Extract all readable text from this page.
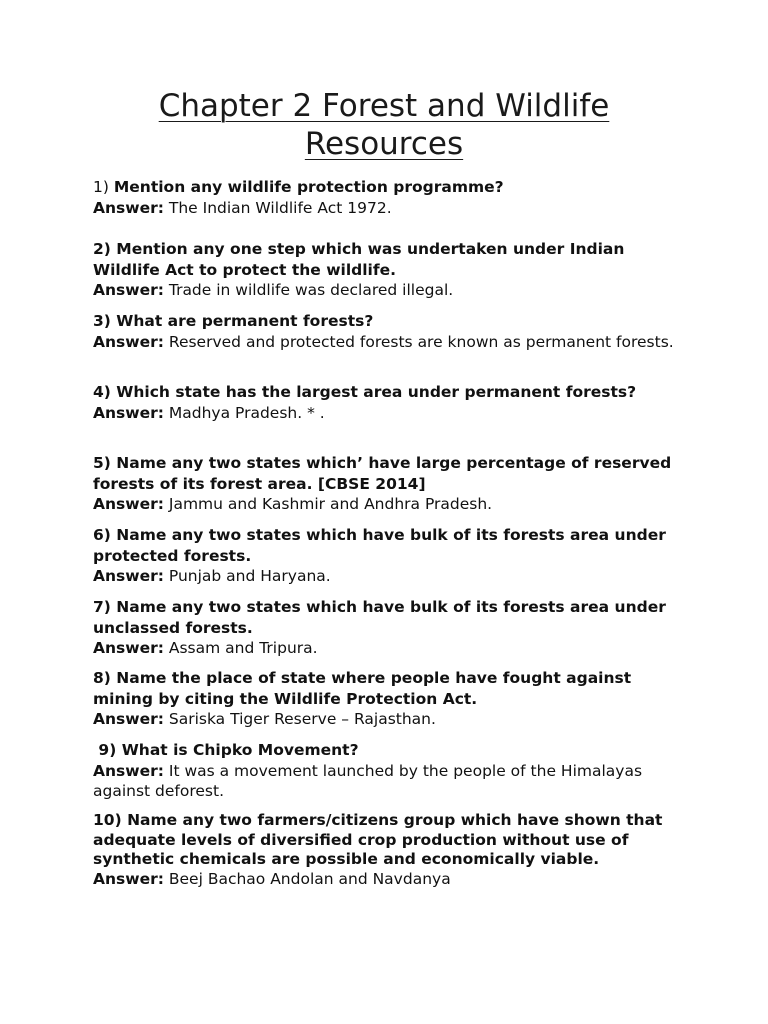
Chapter 2 Forest and Wildlife
Resources

1) Mention any wildlife protection programme?

Answer: The Indian Wildlife Act 1972.

2) Mention any one step which was undertaken under Indian Wildlife Act to protect the wildlife.

Answer: Trade in wildlife was declared illegal.

3) What are permanent forests?

Answer: Reserved and protected forests are known as permanent forests.

4) Which state has the largest area under permanent forests?

Answer: Madhya Pradesh. * .

5) Name any two states which’ have large percentage of reserved forests of its forest area. [CBSE 2014]

Answer: Jammu and Kashmir and Andhra Pradesh.

6) Name any two states which have bulk of its forests area under protected forests.

Answer: Punjab and Haryana.

7) Name any two states which have bulk of its forests area under unclassed forests.

Answer: Assam and Tripura.

8) Name the place of state where people have fought against mining by citing the Wildlife Protection Act.

Answer: Sariska Tiger Reserve – Rajasthan.

9) What is Chipko Movement?

Answer: It was a movement launched by the people of the Himalayas against deforest.

10) Name any two farmers/citizens group which have shown that adequate levels of diversified crop production without use of synthetic chemicals are possible and economically viable.

Answer: Beej Bachao Andolan and Navdanya
